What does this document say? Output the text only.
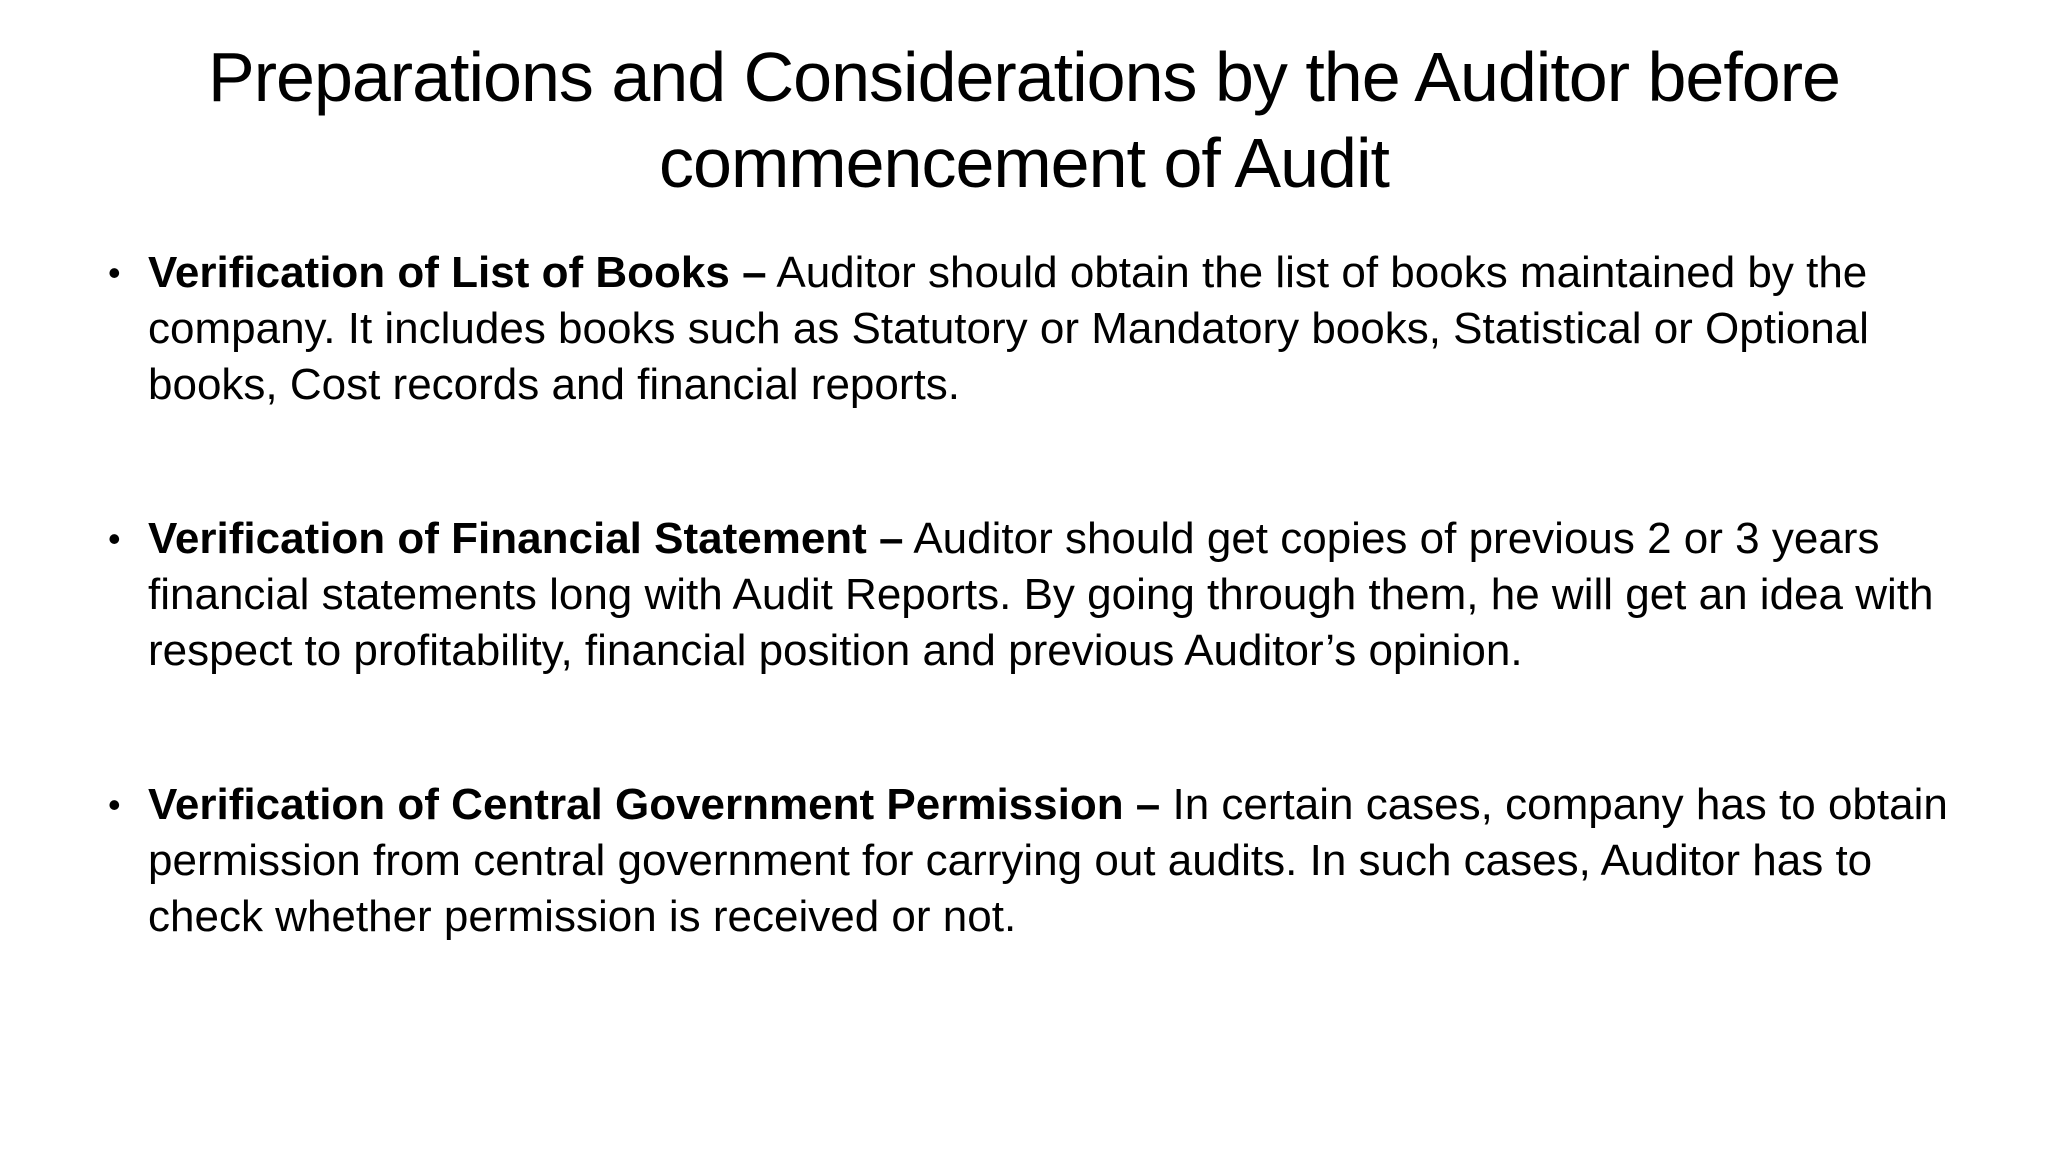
Preparations and Considerations by the Auditor before commencement of Audit
• Verification of List of Books – Auditor should obtain the list of books maintained by the company. It includes books such as Statutory or Mandatory books, Statistical or Optional books, Cost records and financial reports.
• Verification of Financial Statement – Auditor should get copies of previous 2 or 3 years financial statements long with Audit Reports. By going through them, he will get an idea with respect to profitability, financial position and previous Auditor’s opinion.
• Verification of Central Government Permission – In certain cases, company has to obtain permission from central government for carrying out audits. In such cases, Auditor has to check whether permission is received or not.
